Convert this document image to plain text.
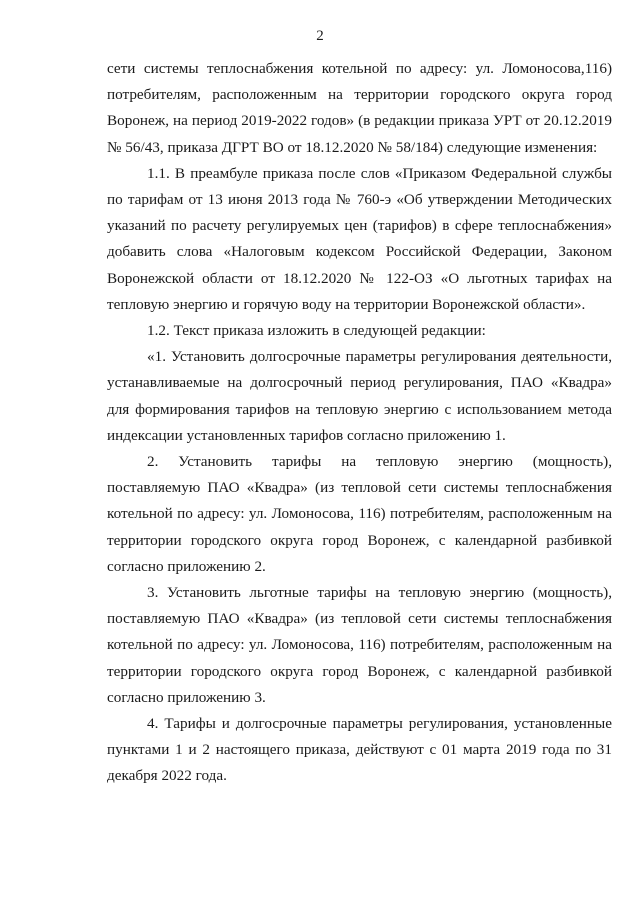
2

сети системы теплоснабжения котельной по адресу: ул. Ломоносова,116) потребителям, расположенным на территории городского округа город Воронеж, на период 2019-2022 годов» (в редакции приказа УРТ от 20.12.2019 № 56/43, приказа ДГРТ ВО от 18.12.2020 № 58/184) следующие изменения:

1.1. В преамбуле приказа после слов «Приказом Федеральной службы по тарифам от 13 июня 2013 года № 760-э «Об утверждении Методических указаний по расчету регулируемых цен (тарифов) в сфере теплоснабжения» добавить слова «Налоговым кодексом Российской Федерации, Законом Воронежской области от 18.12.2020 № 122-ОЗ «О льготных тарифах на тепловую энергию и горячую воду на территории Воронежской области».

1.2. Текст приказа изложить в следующей редакции:

«1. Установить долгосрочные параметры регулирования деятельности, устанавливаемые на долгосрочный период регулирования, ПАО «Квадра» для формирования тарифов на тепловую энергию с использованием метода индексации установленных тарифов согласно приложению 1.

2. Установить тарифы на тепловую энергию (мощность), поставляемую ПАО «Квадра» (из тепловой сети системы теплоснабжения котельной по адресу: ул. Ломоносова, 116) потребителям, расположенным на территории городского округа город Воронеж, с календарной разбивкой согласно приложению 2.

3. Установить льготные тарифы на тепловую энергию (мощность), поставляемую ПАО «Квадра» (из тепловой сети системы теплоснабжения котельной по адресу: ул. Ломоносова, 116) потребителям, расположенным на территории городского округа город Воронеж, с календарной разбивкой согласно приложению 3.

4. Тарифы и долгосрочные параметры регулирования, установленные пунктами 1 и 2 настоящего приказа, действуют с 01 марта 2019 года по 31 декабря 2022 года.
